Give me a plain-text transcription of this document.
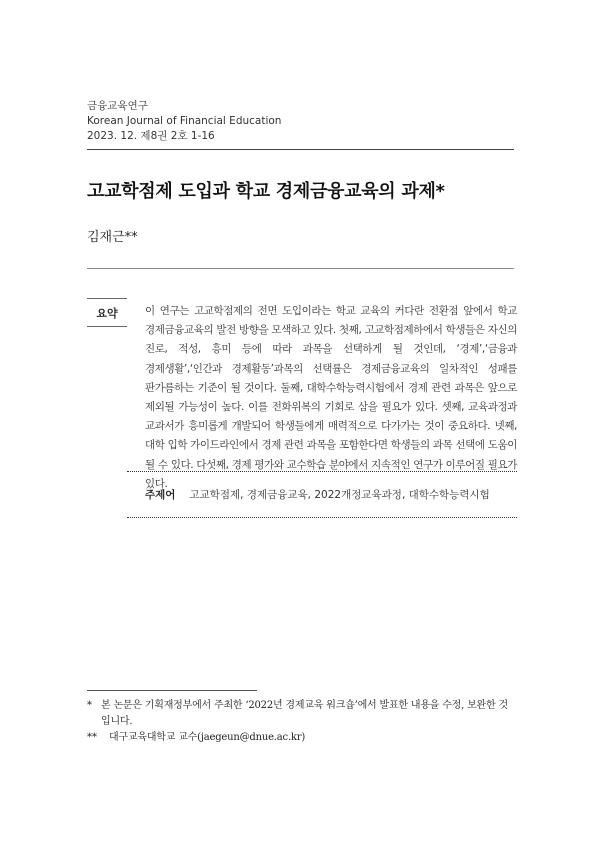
금융교육연구
Korean Journal of Financial Education
2023. 12. 제8권 2호 1-16
고교학점제 도입과 학교 경제금융교육의 과제*
김재근**
요약	이 연구는 고교학점제의 전면 도입이라는 학교 교육의 커다란 전환점 앞에서 학교 경제금융교육의 발전 방향을 모색하고 있다. 첫째, 고교학점제하에서 학생들은 자신의 진로, 적성, 흥미 등에 따라 과목을 선택하게 될 것인데, ‘경제’,‘금융과 경제생활’,‘인간과 경제활동’과목의 선택률은 경제금융교육의 일차적인 성패를 판가름하는 기준이 될 것이다. 둘째, 대학수학능력시험에서 경제 관련 과목은 앞으로 제외될 가능성이 높다. 이를 전화위복의 기회로 삼을 필요가 있다. 셋째, 교육과정과 교과서가 흥미롭게 개발되어 학생들에게 매력적으로 다가가는 것이 중요하다. 넷째, 대학 입학 가이드라인에서 경제 관련 과목을 포함한다면 학생들의 과목 선택에 도움이 될 수 있다. 다섯째, 경제 평가와 교수학습 분야에서 지속적인 연구가 이루어질 필요가 있다.
주제어 고교학점제, 경제금융교육, 2022개정교육과정, 대학수학능력시험
* 본 논문은 기획재정부에서 주최한 ‘2022년 경제교육 워크숍’에서 발표한 내용을 수정, 보완한 것입니다.
**	대구교육대학교 교수(jaegeun@dnue.ac.kr)
